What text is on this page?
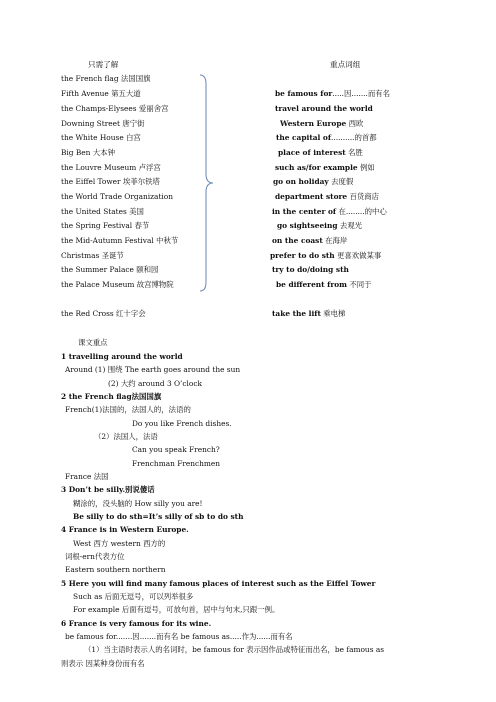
只需了解	重点词组
the French flag 法国国旗
Fifth Avenue 第五大道
the Champs-Elysees 爱丽舍宫
Downing Street 唐宁街
the White House 白宫
Big Ben 大本钟
the Louvre Museum 卢浮宫
the Eiffel Tower 埃菲尔铁塔
the World Trade Organization
the United States 美国
the Spring Festival 春节
the Mid-Autumn Festival 中秋节
Christmas 圣诞节
the Summer Palace 颐和园
the Palace Museum 故宫博物院
the Red Cross 红十字会
be famous for.....因.......而有名
travel around the world
Western Europe 西欧
the capital of..........的首都
place of interest 名胜
such as/for example 例如
go on holiday 去度假
department store 百货商店
in the center of 在........的中心
go sightseeing 去观光
on the coast 在海岸
prefer to do sth 更喜欢做某事
try to do/doing sth
be different from 不同于
take the lift 乘电梯
课文重点
1 travelling around the world
Around (1) 围绕 The earth goes around the sun
(2) 大约 around 3 O’clock
2 the French flag法国国旗
French(1)法国的，法国人的，法语的
Do you like French dishes.
（2）法国人，法语
Can you speak French?
Frenchman Frenchmen
France 法国
3 Don’t be silly.别说傻话
糊涂的，没头脑的 How silly you are!
Be silly to do sth=It’s silly of sb to do sth
4 France is in Western Europe.
West 西方 western 西方的
词根-ern代表方位
Eastern southern northern
5 Here you will find many famous places of interest such as the Eiffel Tower
Such as 后面无逗号，可以列举很多
For example 后面有逗号，可放句首，居中与句末,只跟一例。
6 France is very famous for its wine.
be famous for.......因.......而有名 be famous as.....作为......而有名
（1）当主语时表示人的名词时，be famous for 表示因作品或特征而出名，be famous as
则表示 因某种身份而有名
